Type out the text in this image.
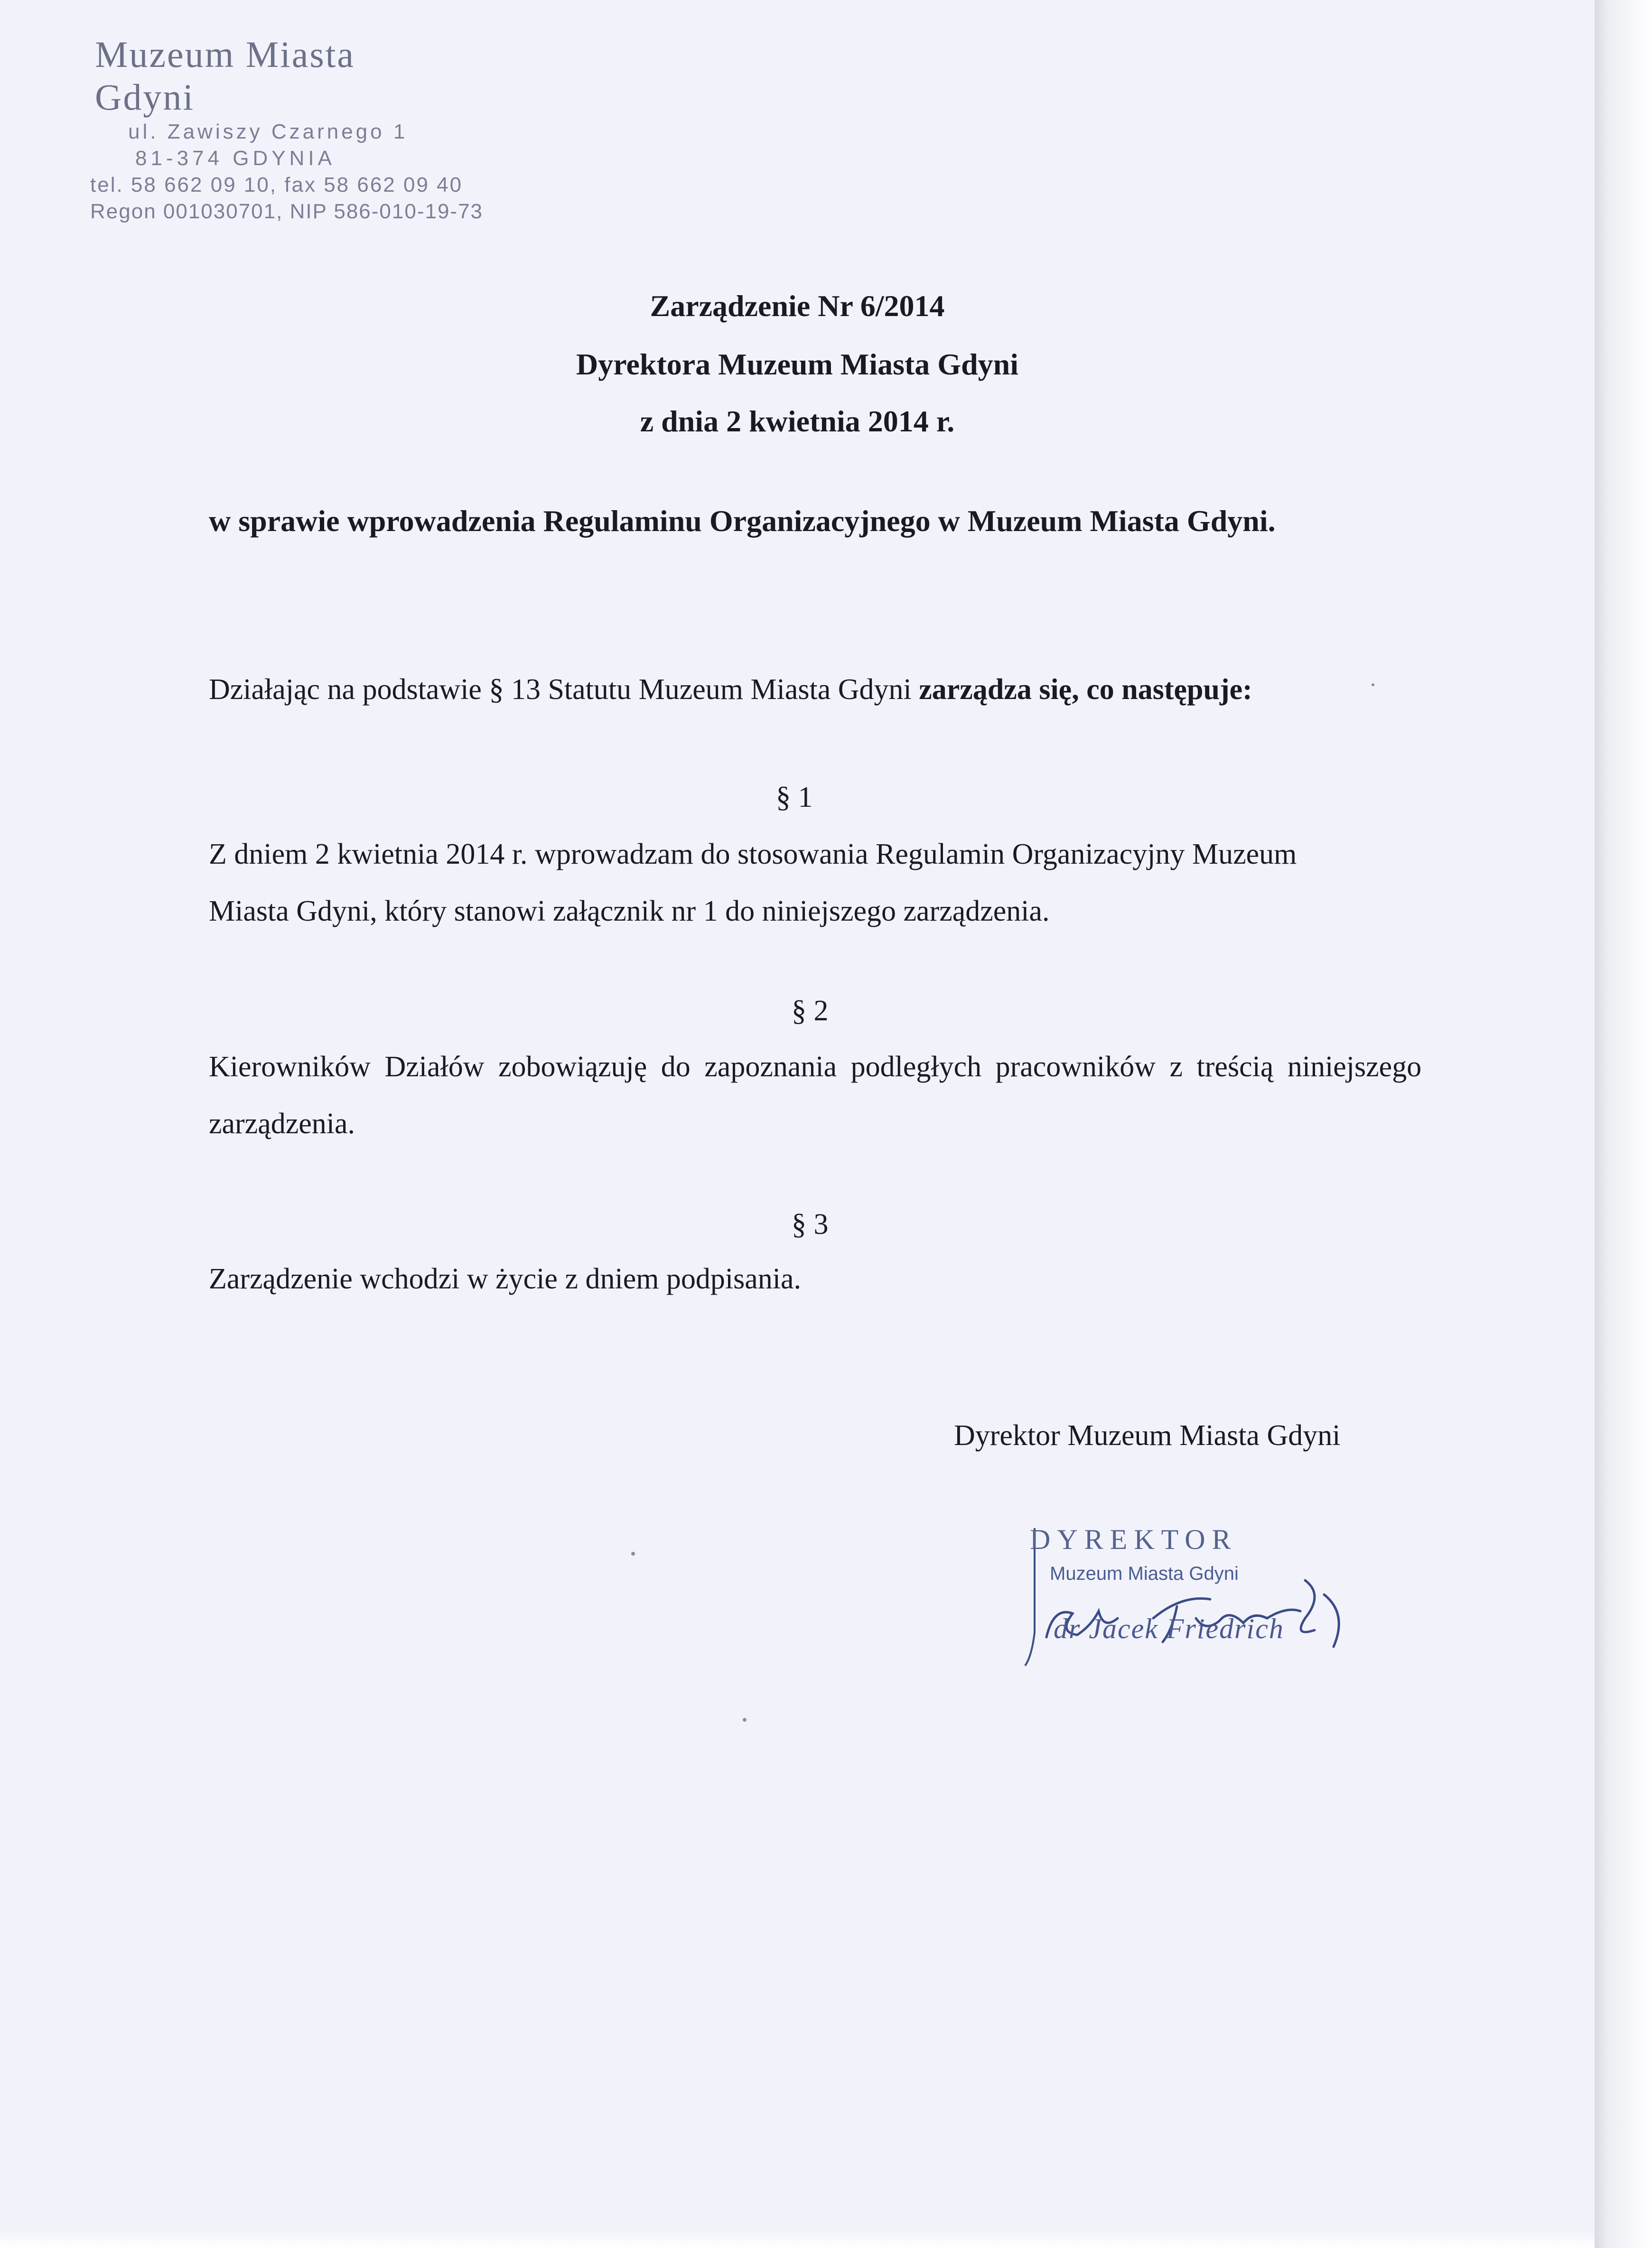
Muzeum Miasta Gdyni
ul. Zawiszy Czarnego 1
81-374 GDYNIA
tel. 58 662 09 10, fax 58 662 09 40
Regon 001030701, NIP 586-010-19-73
Zarządzenie Nr 6/2014
Dyrektora Muzeum Miasta Gdyni
z dnia 2 kwietnia 2014 r.
w sprawie wprowadzenia Regulaminu Organizacyjnego w Muzeum Miasta Gdyni.
Działając na podstawie § 13 Statutu Muzeum Miasta Gdyni zarządza się, co następuje:
§ 1
Z dniem 2 kwietnia 2014 r. wprowadzam do stosowania Regulamin Organizacyjny Muzeum
Miasta Gdyni, który stanowi załącznik nr 1 do niniejszego zarządzenia.
§ 2
Kierowników Działów zobowiązuję do zapoznania podległych pracowników z treścią niniejszego
zarządzenia.
§ 3
Zarządzenie wchodzi w życie z dniem podpisania.
Dyrektor Muzeum Miasta Gdyni
DYREKTOR
Muzeum Miasta Gdyni
dr Jacek Friedrich
